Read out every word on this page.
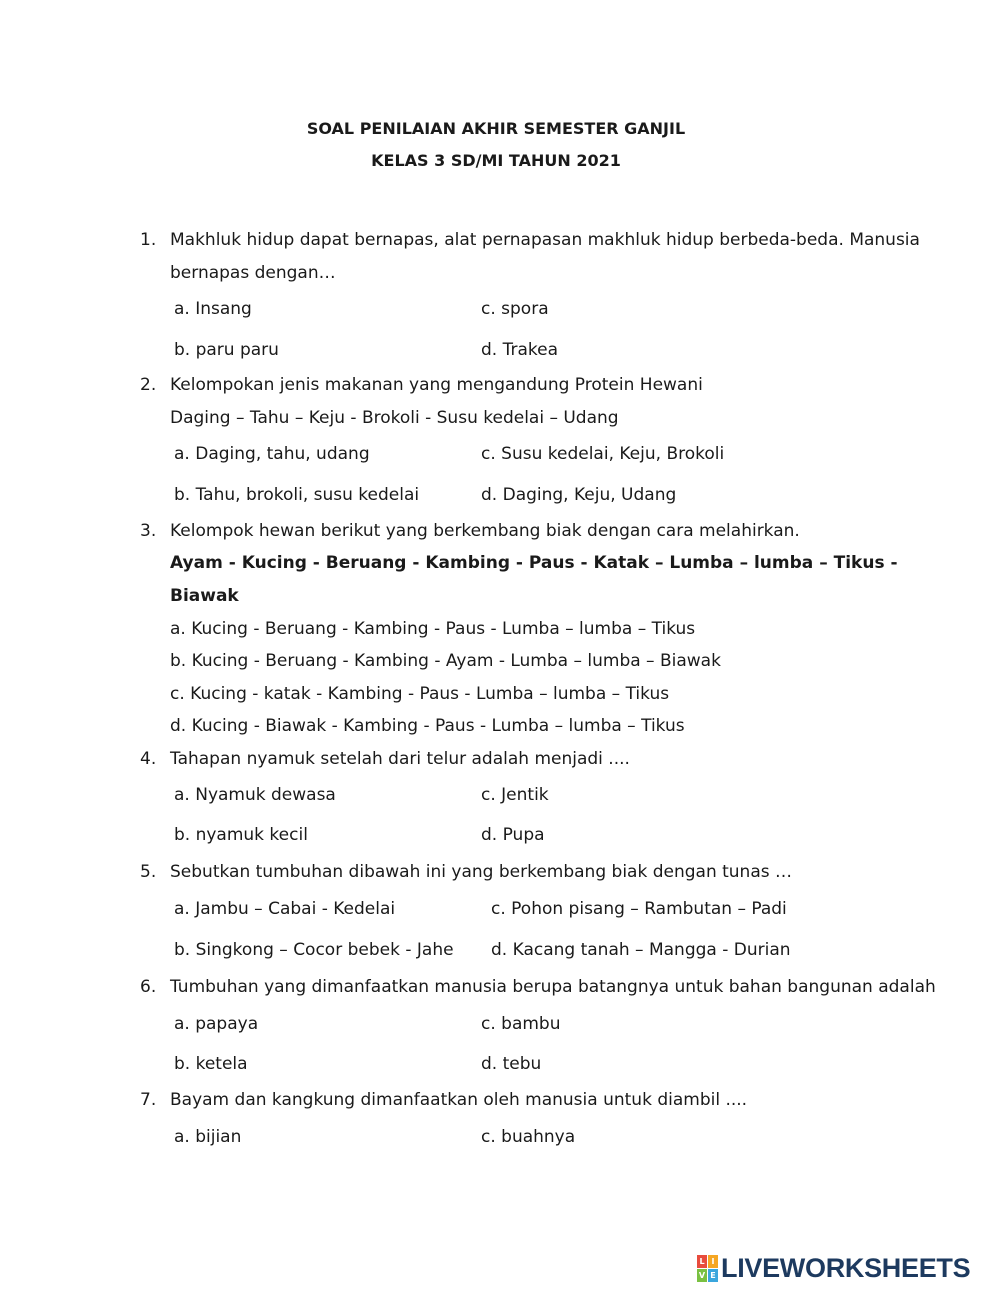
SOAL PENILAIAN AKHIR SEMESTER GANJIL
KELAS 3 SD/MI TAHUN 2021
1. Makhluk hidup dapat bernapas, alat pernapasan makhluk hidup berbeda-beda. Manusia
bernapas dengan…
a. Insang	c. spora
b. paru paru	d. Trakea
2. Kelompokan jenis makanan yang mengandung Protein Hewani
Daging – Tahu – Keju - Brokoli - Susu kedelai – Udang
a. Daging, tahu, udang	c. Susu kedelai, Keju, Brokoli
b. Tahu, brokoli, susu kedelai	d. Daging, Keju, Udang
3. Kelompok hewan berikut yang berkembang biak dengan cara melahirkan.
Ayam - Kucing - Beruang - Kambing - Paus - Katak – Lumba – lumba – Tikus -
Biawak
a. Kucing - Beruang - Kambing - Paus - Lumba – lumba – Tikus
b. Kucing - Beruang - Kambing - Ayam - Lumba – lumba – Biawak
c. Kucing - katak - Kambing - Paus - Lumba – lumba – Tikus
d. Kucing - Biawak - Kambing - Paus - Lumba – lumba – Tikus
4. Tahapan nyamuk setelah dari telur adalah menjadi ....
a. Nyamuk dewasa	c. Jentik
b. nyamuk kecil	d. Pupa
5. Sebutkan tumbuhan dibawah ini yang berkembang biak dengan tunas …
a. Jambu – Cabai - Kedelai	c. Pohon pisang – Rambutan – Padi
b. Singkong – Cocor bebek - Jahe d. Kacang tanah – Mangga - Durian
6. Tumbuhan yang dimanfaatkan manusia berupa batangnya untuk bahan bangunan adalah
a. papaya	c. bambu
b. ketela	d. tebu
7. Bayam dan kangkung dimanfaatkan oleh manusia untuk diambil ....
a. bijian	c. buahnya
L I
V E LIVEWORKSHEETS
